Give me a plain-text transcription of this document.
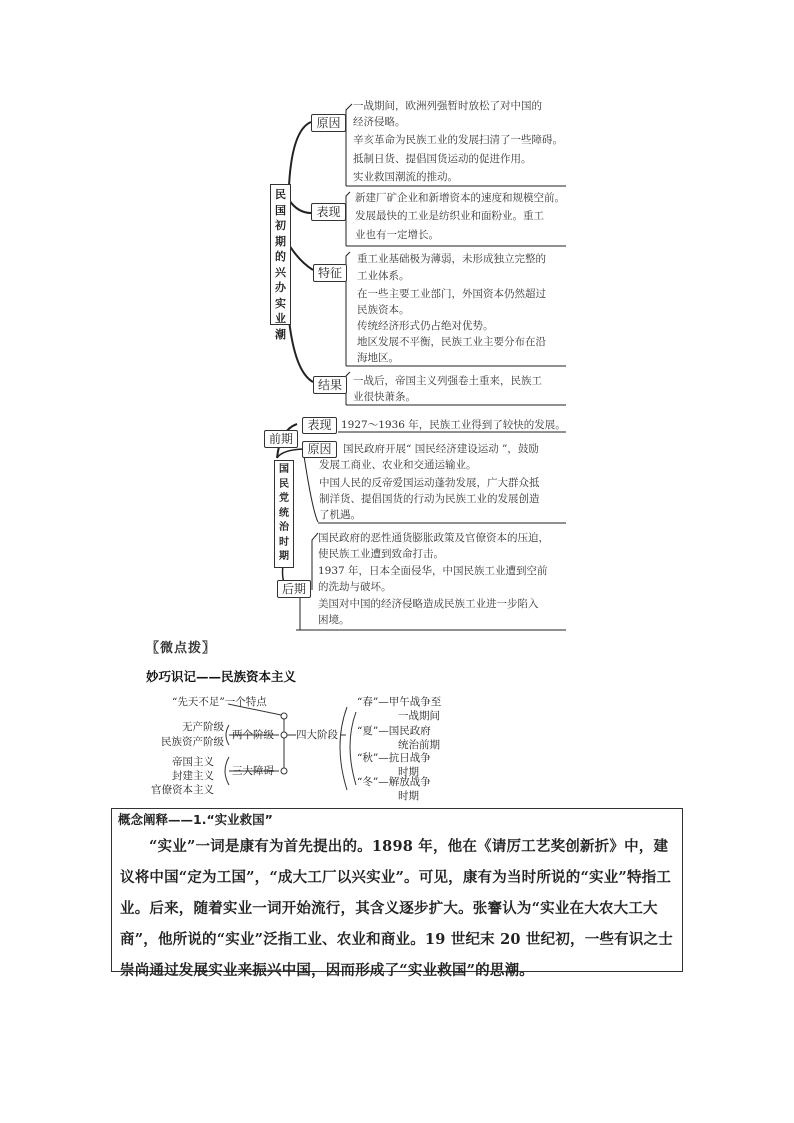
民国初期的兴办实业潮
原因
表现
特征
结果
一战期间，欧洲列强暂时放松了对中国的
经济侵略。
辛亥革命为民族工业的发展扫清了一些障碍。
抵制日货、提倡国货运动的促进作用。
实业救国潮流的推动。
新建厂矿企业和新增资本的速度和规模空前。
发展最快的工业是纺织业和面粉业。重工
业也有一定增长。
重工业基础极为薄弱，未形成独立完整的
工业体系。
在一些主要工业部门，外国资本仍然超过
民族资本。
传统经济形式仍占绝对优势。
地区发展不平衡，民族工业主要分布在沿
海地区。
一战后，帝国主义列强卷土重来，民族工
业很快萧条。
前期
国民党统治时期
表现
原因
后期
1927～1936 年，民族工业得到了较快的发展。
国民政府开展“ 国民经济建设运动 ”，鼓励
发展工商业、农业和交通运输业。
中国人民的反帝爱国运动蓬勃发展，广大群众抵
制洋货、提倡国货的行动为民族工业的发展创造
了机遇。
国民政府的恶性通货膨胀政策及官僚资本的压迫，
使民族工业遭到致命打击。
1937 年，日本全面侵华，中国民族工业遭到空前
的洗劫与破坏。
美国对中国的经济侵略造成民族工业进一步陷入
困境。
〖微点拨〗
妙巧识记——民族资本主义
“先天不足”一个特点
无产阶级
民族资产阶级
两个阶级
帝国主义
封建主义
官僚资本主义
三大障碍
四大阶段
“春”—甲午战争至
一战期间
“夏”—国民政府
统治前期
“秋”—抗日战争
时期
“冬”—解放战争
时期
概念阐释——1.“实业救国”
“实业”一词是康有为首先提出的。1898 年，他在《请厉工艺奖创新折》中，建议将中国“定为工国”，“成大工厂以兴实业”。可见，康有为当时所说的“实业”特指工业。后来，随着实业一词开始流行，其含义逐步扩大。张謇认为“实业在大农大工大商”，他所说的“实业”泛指工业、农业和商业。19 世纪末 20 世纪初，一些有识之士崇尚通过发展实业来振兴中国，因而形成了“实业救国”的思潮。
